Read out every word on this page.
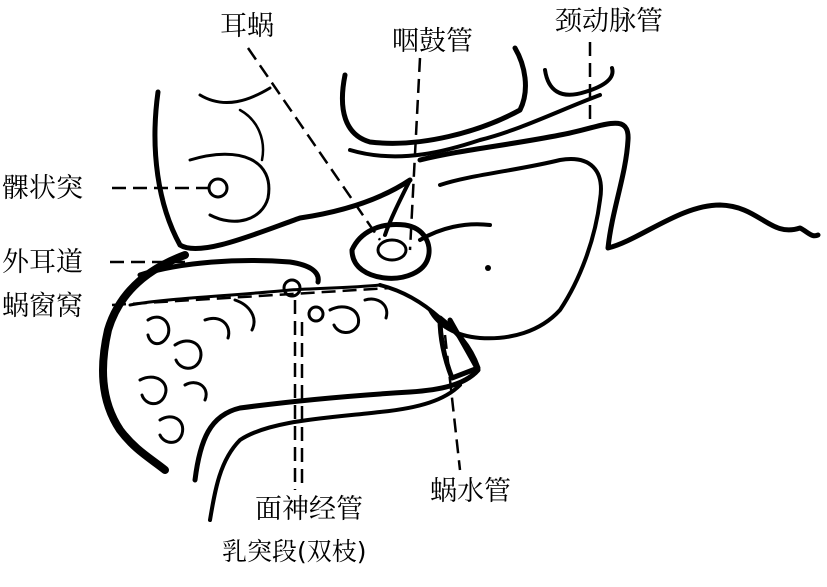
耳蜗	咽鼓管
颈动脉管
髁状突
外耳道
蜗窗窝
面神经管
乳突段(双枝)
蜗水管
